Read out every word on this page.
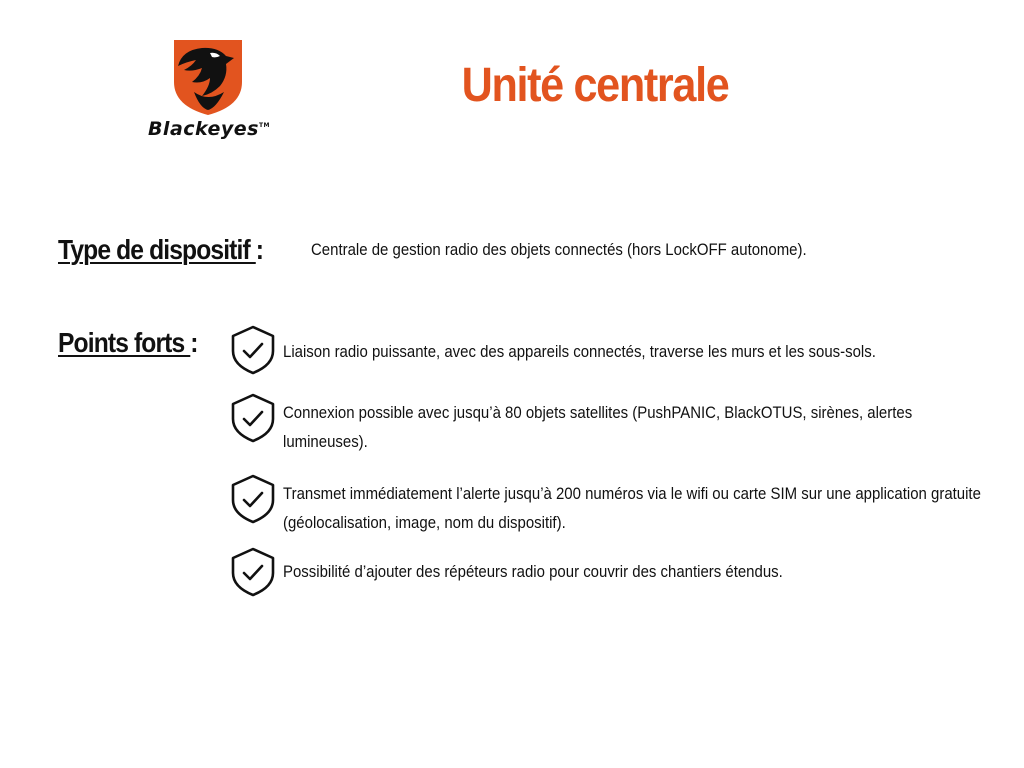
Blackeyes™
Unité centrale
Type de dispositif :	Centrale de gestion radio des objets connectés (hors LockOFF autonome).
Points forts :	Liaison radio puissante, avec des appareils connectés, traverse les murs et les sous-sols.
Connexion possible avec jusqu’à 80 objets satellites (PushPANIC, BlackOTUS, sirènes, alertes lumineuses).
Transmet immédiatement l’alerte jusqu’à 200 numéros via le wifi ou carte SIM sur une application gratuite (géolocalisation, image, nom du dispositif).
Possibilité d’ajouter des répéteurs radio pour couvrir des chantiers étendus.
